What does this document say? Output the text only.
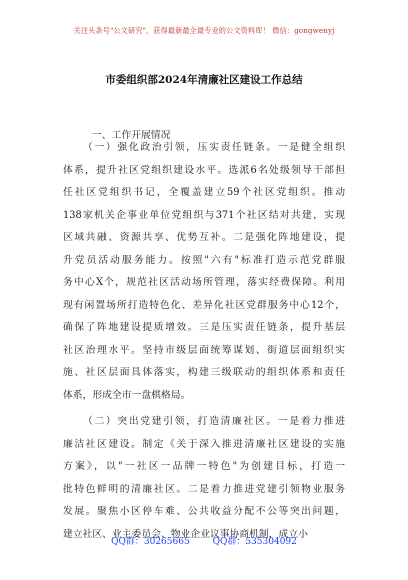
关注头条号"公文研究"，获得最新最全最专业的公文资料库！ 微信：gongwenyj
市委组织部2024年清廉社区建设工作总结
一、工作开展情况
（一）强化政治引领，压实责任链条。一是健全组织
体系，提升社区党组织建设水平。选派6名处级领导干部担
任社区党组织书记，全覆盖建立59个社区党组织。推动
138家机关企事业单位党组织与371个社区结对共建，实现
区域共融、资源共享、优势互补。二是强化阵地建设，提
升党员活动服务能力。按照"六有"标准打造示范党群服
务中心X个，规范社区活动场所管理，落实经费保障。利用
现有闲置场所打造特色化、差异化社区党群服务中心12个，
确保了阵地建设提质增效。三是压实责任链条，提升基层
社区治理水平。坚持市级层面统筹谋划、街道层面组织实
施、社区层面具体落实，构建三级联动的组织体系和责任
体系，形成全市一盘棋格局。
（二）突出党建引领，打造清廉社区。一是着力推进
廉洁社区建设。制定《关于深入推进清廉社区建设的实施
方案》，以"一社区一品牌一特色"为创建目标，打造一
批特色鲜明的清廉社区。二是着力推进党建引领物业服务
发展。聚焦小区停车难、公共收益分配不公等突出问题，
建立社区、业主委员会、物业企业议事协商机制，成立小
QQ群：30265665	QQ群：535304092
